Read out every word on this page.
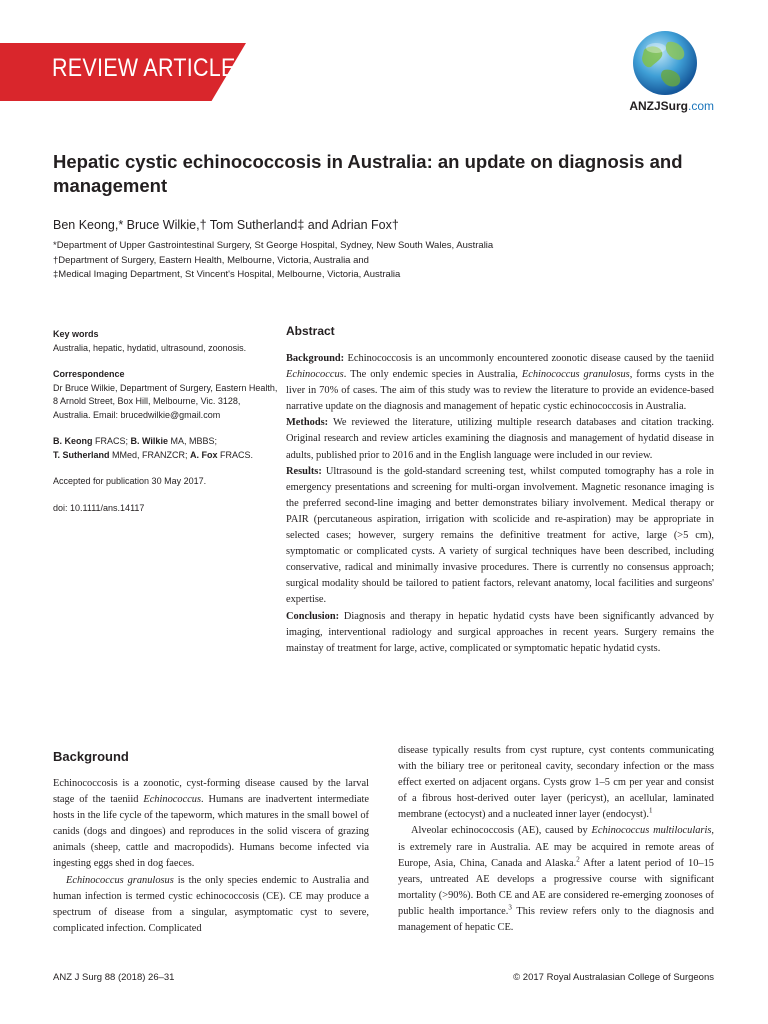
REVIEW ARTICLE
ANZJSurg.com
Hepatic cystic echinococcosis in Australia: an update on diagnosis and management
Ben Keong,* Bruce Wilkie,† Tom Sutherland‡ and Adrian Fox†
*Department of Upper Gastrointestinal Surgery, St George Hospital, Sydney, New South Wales, Australia
†Department of Surgery, Eastern Health, Melbourne, Victoria, Australia and
‡Medical Imaging Department, St Vincent's Hospital, Melbourne, Victoria, Australia

Key words

Australia, hepatic, hydatid, ultrasound, zoonosis.

Correspondence

Dr Bruce Wilkie, Department of Surgery, Eastern Health, 8 Arnold Street, Box Hill, Melbourne, Vic. 3128, Australia. Email: brucedwilkie@gmail.com

B. Keong FRACS; B. Wilkie MA, MBBS;
T. Sutherland MMed, FRANZCR; A. Fox FRACS.

Accepted for publication 30 May 2017.

doi: 10.1111/ans.14117

Abstract

Background: Echinococcosis is an uncommonly encountered zoonotic disease caused by the taeniid Echinococcus. The only endemic species in Australia, Echinococcus granulosus, forms cysts in the liver in 70% of cases. The aim of this study was to review the literature to provide an evidence-based narrative update on the diagnosis and management of hepatic cystic echinococcosis in Australia.

Methods: We reviewed the literature, utilizing multiple research databases and citation tracking. Original research and review articles examining the diagnosis and management of hydatid disease in adults, published prior to 2016 and in the English language were included in our review.

Results: Ultrasound is the gold-standard screening test, whilst computed tomography has a role in emergency presentations and screening for multi-organ involvement. Magnetic resonance imaging is the preferred second-line imaging and better demonstrates biliary involvement. Medical therapy or PAIR (percutaneous aspiration, irrigation with scolicide and re-aspiration) may be appropriate in selected cases; however, surgery remains the definitive treatment for active, large (>5 cm), symptomatic or complicated cysts. A variety of surgical techniques have been described, including conservative, radical and minimally invasive procedures. There is currently no consensus approach; surgical modality should be tailored to patient factors, relevant anatomy, local facilities and surgeons' expertise.

Conclusion: Diagnosis and therapy in hepatic hydatid cysts have been significantly advanced by imaging, interventional radiology and surgical approaches in recent years. Surgery remains the mainstay of treatment for large, active, complicated or symptomatic hepatic hydatid cysts.

Background

Echinococcosis is a zoonotic, cyst-forming disease caused by the larval stage of the taeniid Echinococcus. Humans are inadvertent intermediate hosts in the life cycle of the tapeworm, which matures in the small bowel of canids (dogs and dingoes) and reproduces in the solid viscera of grazing animals (sheep, cattle and macropodids). Humans become infected via ingesting eggs shed in dog faeces.

Echinococcus granulosus is the only species endemic to Australia and human infection is termed cystic echinococcosis (CE). CE may produce a spectrum of disease from a singular, asymptomatic cyst to severe, complicated infection. Complicated

disease typically results from cyst rupture, cyst contents communicating with the biliary tree or peritoneal cavity, secondary infection or the mass effect exerted on adjacent organs. Cysts grow 1–5 cm per year and consist of a fibrous host-derived outer layer (pericyst), an acellular, laminated membrane (ectocyst) and a nucleated inner layer (endocyst).$^1$

Alveolar echinococcosis (AE), caused by Echinococcus multilocularis, is extremely rare in Australia. AE may be acquired in remote areas of Europe, Asia, China, Canada and Alaska.$^2$ After a latent period of 10–15 years, untreated AE develops a progressive course with significant mortality (>90%). Both CE and AE are considered re-emerging zoonoses of public health importance.$^3$ This review refers only to the diagnosis and management of hepatic CE.

ANZ J Surg 88 (2018) 26–31	© 2017 Royal Australasian College of Surgeons
